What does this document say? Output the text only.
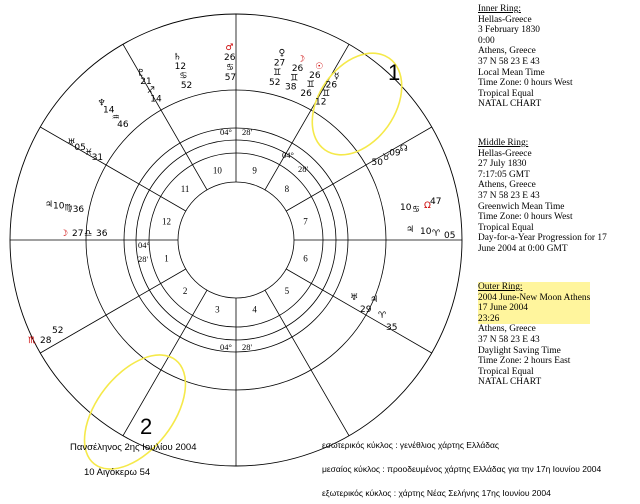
1
2
3	4
5
6
7
8
9
10
11
12
04° 28'
04°
28'
04°
28'
04° 28'
☿
26
♊
12
☉
26
♊
26
☽
26
♊
38
♀
27
♊
52
♂
26
♋
57
♄
12
♋
52
♃ 10 ♍ 36
♇
21
♐
14
♆
14
♒
46
♅
05
♓
31
☊
09
♉
50
☽ 27 ♎ 36
♏ 28
52
♃ 10 ♈ 05
Ω
10 ♋
47
♃
29
♈
35
♅
Inner Ring:
Hellas-Greece
3 February 1830
0:00
Athens, Greece
37 N 58 23 E 43
Local Mean Time
Time Zone: 0 hours West
Tropical Equal
NATAL CHART
Middle Ring:
Hellas-Greece
27 July 1830
7:17:05 GMT
Athens, Greece
37 N 58 23 E 43
Greenwich Mean Time
Time Zone: 0 hours West
Tropical Equal
Day-for-a-Year Progression for 17
June 2004 at 0:00 GMT
Outer Ring:
2004 June-New Moon Athens
17 June 2004
23:26
Athens, Greece
37 N 58 23 E 43
Daylight Saving Time
Time Zone: 2 hours East
Tropical Equal
NATAL CHART
1
2
Πανσέληνος 2ης Ιουλίου 2004
10 Αιγόκερω 54
εσωτερικός κύκλος : γενέθλιος χάρτης Ελλάδας
μεσαίος κύκλος : προοδευμένος χάρτης Ελλάδας για την 17η Ιουνίου 2004
εξωτερικός κύκλος : χάρτης Νέας Σελήνης 17ης Ιουνίου 2004
